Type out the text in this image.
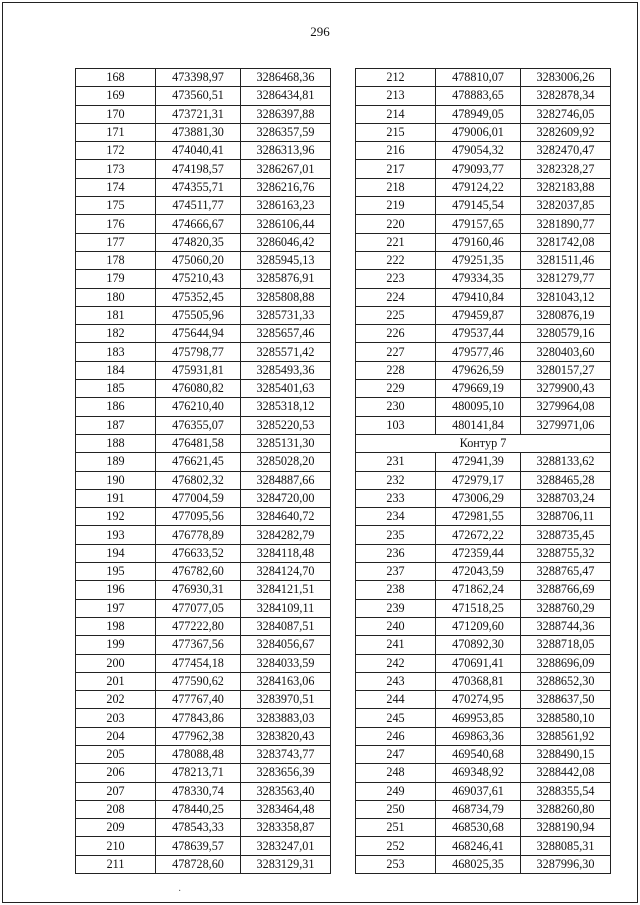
296
168	473398,97	3286468,36
169	473560,51	3286434,81
170	473721,31	3286397,88
171	473881,30	3286357,59
172	474040,41	3286313,96
173	474198,57	3286267,01
174	474355,71	3286216,76
175	474511,77	3286163,23
176	474666,67	3286106,44
177	474820,35	3286046,42
178	475060,20	3285945,13
179	475210,43	3285876,91
180	475352,45	3285808,88
181	475505,96	3285731,33
182	475644,94	3285657,46
183	475798,77	3285571,42
184	475931,81	3285493,36
185	476080,82	3285401,63
186	476210,40	3285318,12
187	476355,07	3285220,53
188	476481,58	3285131,30
189	476621,45	3285028,20
190	476802,32	3284887,66
191	477004,59	3284720,00
192	477095,56	3284640,72
193	476778,89	3284282,79
194	476633,52	3284118,48
195	476782,60	3284124,70
196	476930,31	3284121,51
197	477077,05	3284109,11
198	477222,80	3284087,51
199	477367,56	3284056,67
200	477454,18	3284033,59
201	477590,62	3284163,06
202	477767,40	3283970,51
203	477843,86	3283883,03
204	477962,38	3283820,43
205	478088,48	3283743,77
206	478213,71	3283656,39
207	478330,74	3283563,40
208	478440,25	3283464,48
209	478543,33	3283358,87
210	478639,57	3283247,01
211	478728,60	3283129,31
212	478810,07	3283006,26
213	478883,65	3282878,34
214	478949,05	3282746,05
215	479006,01	3282609,92
216	479054,32	3282470,47
217	479093,77	3282328,27
218	479124,22	3282183,88
219	479145,54	3282037,85
220	479157,65	3281890,77
221	479160,46	3281742,08
222	479251,35	3281511,46
223	479334,35	3281279,77
224	479410,84	3281043,12
225	479459,87	3280876,19
226	479537,44	3280579,16
227	479577,46	3280403,60
228	479626,59	3280157,27
229	479669,19	3279900,43
230	480095,10	3279964,08
103	480141,84	3279971,06
Контур 7		
231	472941,39	3288133,62
232	472979,17	3288465,28
233	473006,29	3288703,24
234	472981,55	3288706,11
235	472672,22	3288735,45
236	472359,44	3288755,32
237	472043,59	3288765,47
238	471862,24	3288766,69
239	471518,25	3288760,29
240	471209,60	3288744,36
241	470892,30	3288718,05
242	470691,41	3288696,09
243	470368,81	3288652,30
244	470274,95	3288637,50
245	469953,85	3288580,10
246	469863,36	3288561,92
247	469540,68	3288490,15
248	469348,92	3288442,08
249	469037,61	3288355,54
250	468734,79	3288260,80
251	468530,68	3288190,94
252	468246,41	3288085,31
253	468025,35	3287996,30
·
